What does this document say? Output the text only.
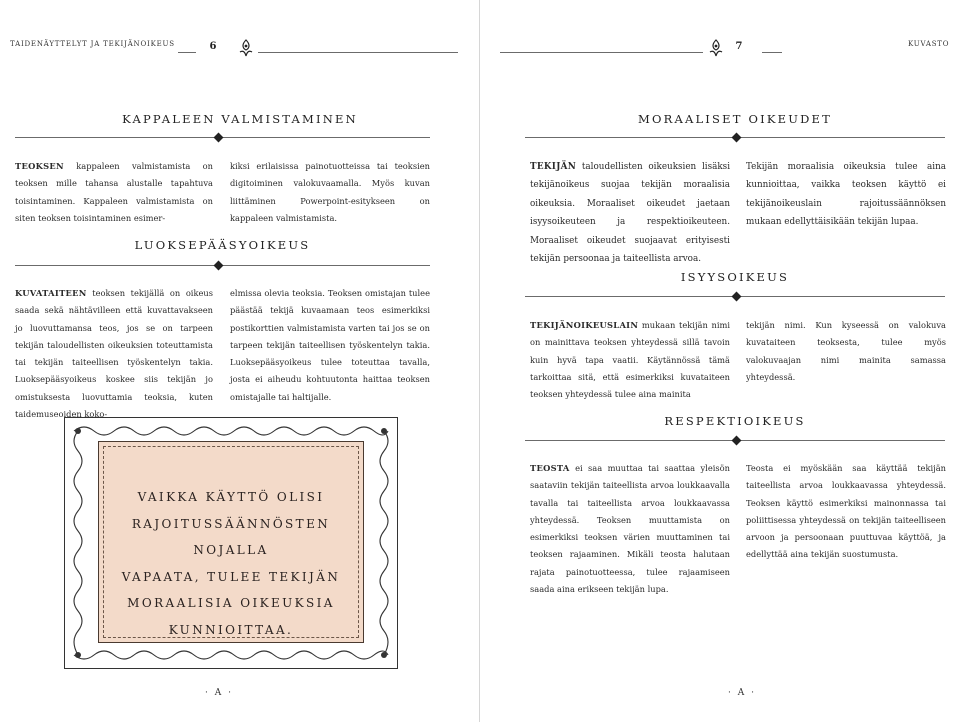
TAIDENÄYTTELYT JA TEKIJÄNOIKEUS	6
KAPPALEEN VALMISTAMINEN
TEOKSEN kappaleen valmistamista on teoksen mille tahansa alustalle tapahtuva toisintaminen. Kappaleen valmistamista on siten teoksen toisintaminen esimer-
kiksi erilaisissa painotuotteissa tai teoksien digitoiminen valokuvaamalla. Myös kuvan liittäminen Powerpoint-esitykseen on kappaleen valmistamista.
LUOKSEPÄÄSYOIKEUS
KUVATAITEEN teoksen tekijällä on oikeus saada sekä nähtävilleen että kuvattavakseen jo luovuttamansa teos, jos se on tarpeen tekijän taloudellisten oikeuksien toteuttamista tai tekijän taiteellisen työskentelyn takia. Luoksepääsyoikeus koskee siis tekijän jo omistuksesta luovuttamia teoksia, kuten taidemuseoiden koko-
elmissa olevia teoksia. Teoksen omistajan tulee päästää tekijä kuvaamaan teos esimerkiksi postikorttien valmistamista varten tai jos se on tarpeen tekijän taiteellisen työskentelyn takia. Luoksepääsyoikeus tulee toteuttaa tavalla, josta ei aiheudu kohtuutonta haittaa teoksen omistajalle tai haltijalle.
VAIKKA KÄYTTÖ OLISI
RAJOITUSSÄÄNNÖSTEN NOJALLA
VAPAATA, TULEE TEKIJÄN
MORAALISIA OIKEUKSIA
KUNNIOITTAA.
· A ·
7	KUVASTO
MORAALISET OIKEUDET
TEKIJÄN taloudellisten oikeuksien lisäksi tekijänoikeus suojaa tekijän moraalisia oikeuksia. Moraaliset oikeudet jaetaan isyysoikeuteen ja respektioikeuteen. Moraaliset oikeudet suojaavat erityisesti tekijän persoonaa ja taiteellista arvoa.
Tekijän moraalisia oikeuksia tulee aina kunnioittaa, vaikka teoksen käyttö ei tekijänoikeuslain rajoitussäännöksen mukaan edellyttäisikään tekijän lupaa.
ISYYSOIKEUS
TEKIJÄNOIKEUSLAIN mukaan tekijän nimi on mainittava teoksen yhteydessä sillä tavoin kuin hyvä tapa vaatii. Käytännössä tämä tarkoittaa sitä, että esimerkiksi kuvataiteen teoksen yhteydessä tulee aina mainita
tekijän nimi. Kun kyseessä on valokuva kuvataiteen teoksesta, tulee myös valokuvaajan nimi mainita samassa yhteydessä.
RESPEKTIOIKEUS
TEOSTA ei saa muuttaa tai saattaa yleisön saataviin tekijän taiteellista arvoa loukkaavalla tavalla tai taiteellista arvoa loukkaavassa yhteydessä. Teoksen muuttamista on esimerkiksi teoksen värien muuttaminen tai teoksen rajaaminen. Mikäli teosta halutaan rajata painotuotteessa, tulee rajaamiseen saada aina erikseen tekijän lupa.
Teosta ei myöskään saa käyttää tekijän taiteellista arvoa loukkaavassa yhteydessä. Teoksen käyttö esimerkiksi mainonnassa tai poliittisessa yhteydessä on tekijän taiteelliseen arvoon ja persoonaan puuttuvaa käyttöä, ja edellyttää aina tekijän suostumusta.
· A ·
